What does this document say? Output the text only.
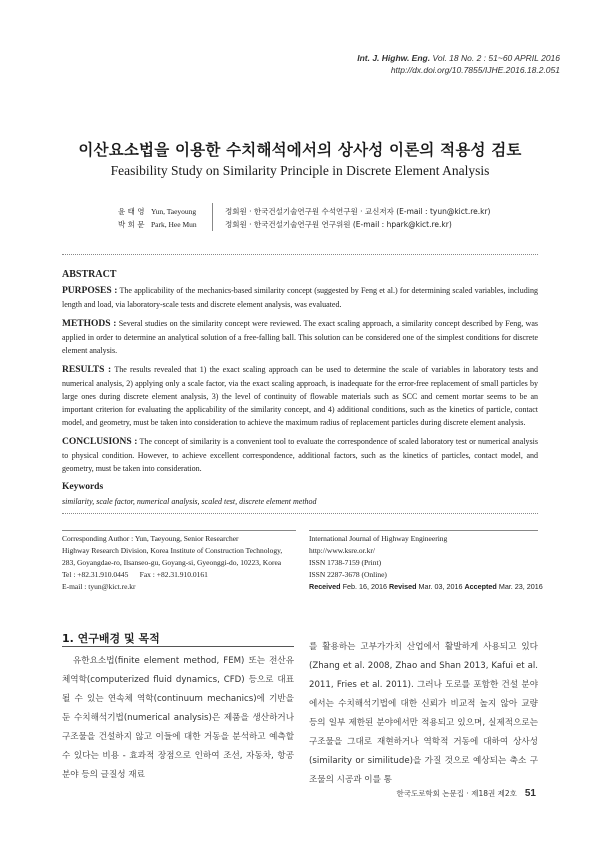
Int. J. Highw. Eng. Vol. 18 No. 2 : 51~60 APRIL 2016
http://dx.doi.org/10.7855/IJHE.2016.18.2.051
이산요소법을 이용한 수치해석에서의 상사성 이론의 적용성 검토
Feasibility Study on Similarity Principle in Discrete Element Analysis
윤 태 영
박 희 문
Yun, Taeyoung
Park, Hee Mun
정회원 · 한국건설기술연구원 수석연구원 · 교신저자 (E-mail : tyun@kict.re.kr)
정회원 · 한국건설기술연구원 연구위원 (E-mail : hpark@kict.re.kr)
ABSTRACT

PURPOSES : The applicability of the mechanics-based similarity concept (suggested by Feng et al.) for determining scaled variables, including length and load, via laboratory-scale tests and discrete element analysis, was evaluated.

METHODS : Several studies on the similarity concept were reviewed. The exact scaling approach, a similarity concept described by Feng, was applied in order to determine an analytical solution of a free-falling ball. This solution can be considered one of the simplest conditions for discrete element analysis.

RESULTS : The results revealed that 1) the exact scaling approach can be used to determine the scale of variables in laboratory tests and numerical analysis, 2) applying only a scale factor, via the exact scaling approach, is inadequate for the error-free replacement of small particles by large ones during discrete element analysis, 3) the level of continuity of flowable materials such as SCC and cement mortar seems to be an important criterion for evaluating the applicability of the similarity concept, and 4) additional conditions, such as the kinetics of particle, contact model, and geometry, must be taken into consideration to achieve the maximum radius of replacement particles during discrete element analysis.

CONCLUSIONS : The concept of similarity is a convenient tool to evaluate the correspondence of scaled laboratory test or numerical analysis to physical condition. However, to achieve excellent correspondence, additional factors, such as the kinetics of particles, contact model, and geometry, must be taken into consideration.

Keywords
similarity, scale factor, numerical analysis, scaled test, discrete element method
Corresponding Author : Yun, Taeyoung, Senior Researcher
Highway Research Division, Korea Institute of Construction Technology,
283, Goyangdae-ro, Ilsanseo-gu, Goyang-si, Gyeonggi-do, 10223, Korea
Tel : +82.31.910.0445      Fax : +82.31.910.0161
E-mail : tyun@kict.re.kr
International Journal of Highway Engineering
http://www.ksre.or.kr/
ISSN 1738-7159 (Print)
ISSN 2287-3678 (Online)
Received Feb. 16, 2016 Revised Mar. 03, 2016 Accepted Mar. 23, 2016
1. 연구배경 및 목적
유한요소법(finite element method, FEM) 또는 전산유체역학(computerized fluid dynamics, CFD) 등으로 대표될 수 있는 연속체 역학(continuum mechanics)에 기반을 둔 수치해석기법(numerical analysis)은 제품을 생산하거나 구조물을 건설하지 않고 이들에 대한 거동을 분석하고 예측할 수 있다는 비용 - 효과적 장점으로 인하여 조선, 자동차, 항공 분야 등의 글질성 재료
를 활용하는 고부가가치 산업에서 활발하게 사용되고 있다(Zhang et al. 2008, Zhao and Shan 2013, Kafui et al. 2011, Fries et al. 2011). 그러나 도로를 포함한 건설 분야에서는 수치해석기법에 대한 신뢰가 비교적 높지 않아 교량 등의 일부 제한된 분야에서만 적용되고 있으며, 실제적으로는 구조물을 그대로 재현하거나 역학적 거동에 대하여 상사성(similarity or similitude)을 가질 것으로 예상되는 축소 구조물의 시공과 이를 통
한국도로학회 논문집 · 제18권 제2호 51
